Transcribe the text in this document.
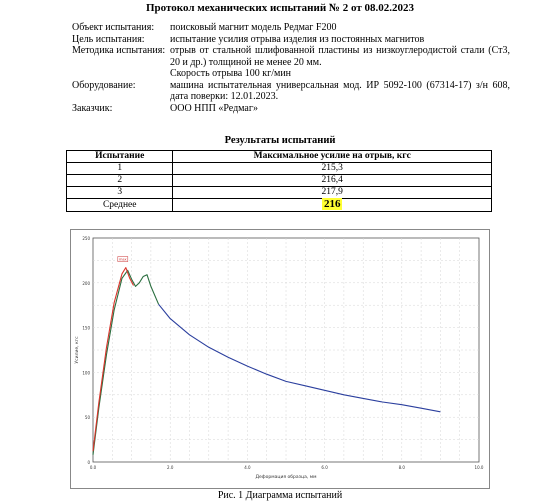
Протокол механических испытаний № 2 от 08.02.2023
Объект испытания:	поисковый магнит модель Редмаг F200
Цель испытания:	испытание усилия отрыва изделия из постоянных магнитов
Методика испытания:	отрыв от стальной шлифованной пластины из низкоуглеродистой стали (Ст3, 20 и др.) толщиной не менее 20 мм.
Скорость отрыва 100 кг/мин
Оборудование:	машина испытательная универсальная мод. ИР 5092-100 (67314-17) з/н 608, дата поверки: 12.01.2023.
Заказчик:	ООО НПП «Редмаг»
Результаты испытаний
Испытание	Максимальное усилие на отрыв, кгс
1	215,3
2	216,4
3	217,9
Среднее	216
250
200
150
100
50
0
0.0	2.0	4.0	6.0	8.0	10.0
Усилие, кгс
Деформация образца, мм
max
Рис. 1 Диаграмма испытаний
